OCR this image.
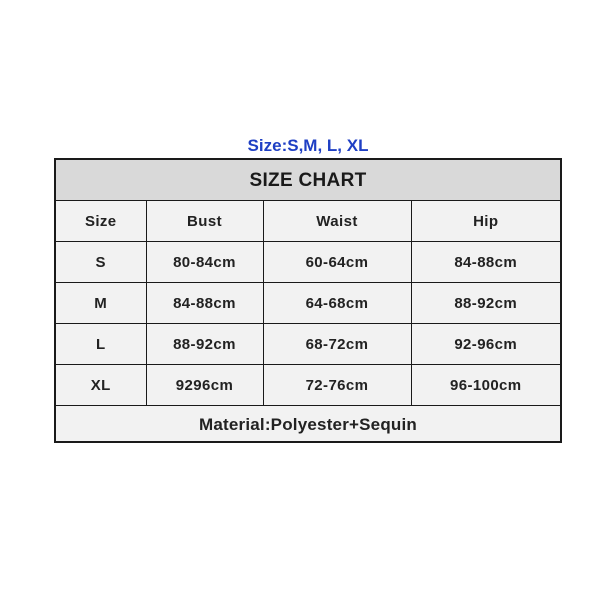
Size:S,M, L, XL
SIZE CHART
Size	Bust	Waist	Hip
S	80-84cm	60-64cm	84-88cm
M	84-88cm	64-68cm	88-92cm
L	88-92cm	68-72cm	92-96cm
XL	9296cm	72-76cm	96-100cm
Material:Polyester+Sequin			
